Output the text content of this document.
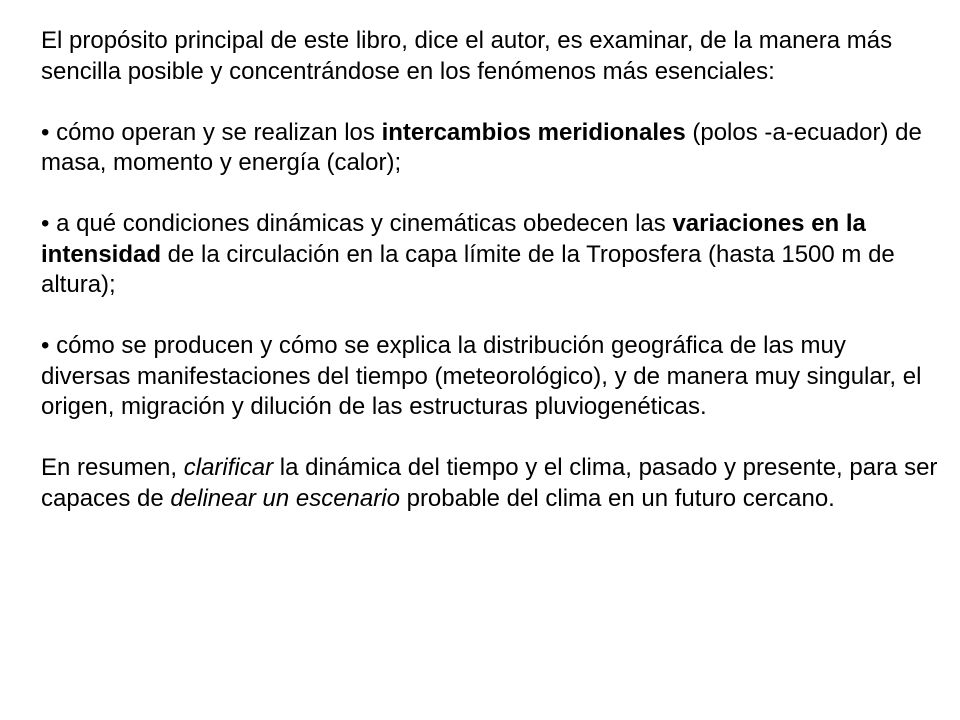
El propósito principal de este libro, dice el autor, es examinar, de la manera más sencilla posible y concentrándose en los fenómenos más esenciales:

• cómo operan y se realizan los intercambios meridionales (polos -a-ecuador) de masa, momento y energía (calor);

• a qué condiciones dinámicas y cinemáticas obedecen las variaciones en la intensidad de la circulación en la capa límite de la Troposfera (hasta 1500 m de altura);

• cómo se producen y cómo se explica la distribución geográfica de las muy diversas manifestaciones del tiempo (meteorológico), y de manera muy singular, el origen, migración y dilución de las estructuras pluviogenéticas.

En resumen, clarificar la dinámica del tiempo y el clima, pasado y presente, para ser capaces de delinear un escenario probable del clima en un futuro cercano.
